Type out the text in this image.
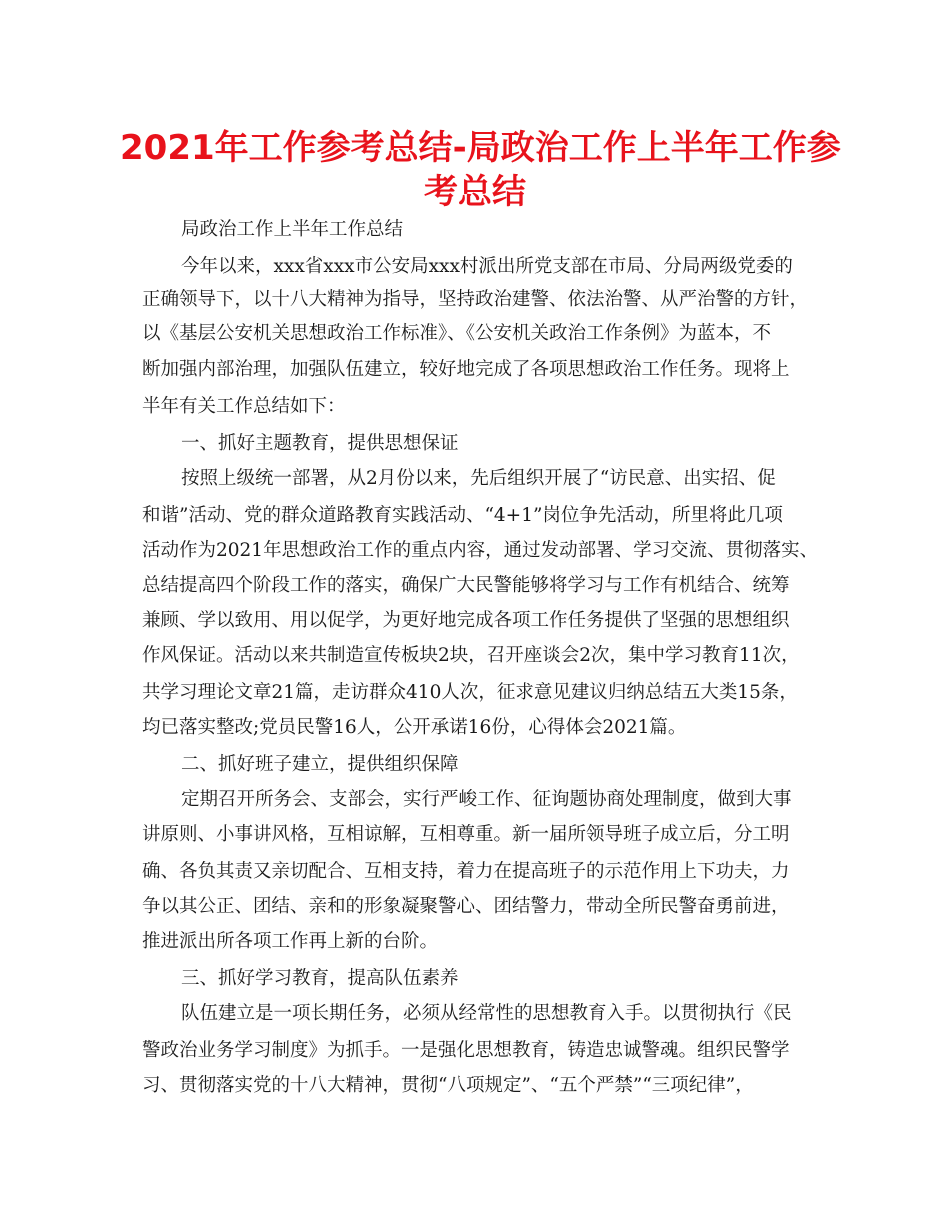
2021年工作参考总结-局政治工作上半年工作参
考总结
局政治工作上半年工作总结
今年以来，xxx省xxx市公安局xxx村派出所党支部在市局、分局两级党委的
正确领导下，以十八大精神为指导，坚持政治建警、依法治警、从严治警的方针，
以《基层公安机关思想政治工作标准》、《公安机关政治工作条例》为蓝本，不
断加强内部治理，加强队伍建立，较好地完成了各项思想政治工作任务。现将上
半年有关工作总结如下：
一、抓好主题教育，提供思想保证
按照上级统一部署，从2月份以来，先后组织开展了“访民意、出实招、促
和谐”活动、党的群众道路教育实践活动、“4+1”岗位争先活动，所里将此几项
活动作为2021年思想政治工作的重点内容，通过发动部署、学习交流、贯彻落实、
总结提高四个阶段工作的落实，确保广大民警能够将学习与工作有机结合、统筹
兼顾、学以致用、用以促学，为更好地完成各项工作任务提供了坚强的思想组织
作风保证。活动以来共制造宣传板块2块，召开座谈会2次，集中学习教育11次，
共学习理论文章21篇，走访群众410人次，征求意见建议归纳总结五大类15条，
均已落实整改;党员民警16人，公开承诺16份，心得体会2021篇。
二、抓好班子建立，提供组织保障
定期召开所务会、支部会，实行严峻工作、征询题协商处理制度，做到大事
讲原则、小事讲风格，互相谅解，互相尊重。新一届所领导班子成立后，分工明
确、各负其责又亲切配合、互相支持，着力在提高班子的示范作用上下功夫，力
争以其公正、团结、亲和的形象凝聚警心、团结警力，带动全所民警奋勇前进，
推进派出所各项工作再上新的台阶。
三、抓好学习教育，提高队伍素养
队伍建立是一项长期任务，必须从经常性的思想教育入手。以贯彻执行《民
警政治业务学习制度》为抓手。一是强化思想教育，铸造忠诚警魂。组织民警学
习、贯彻落实党的十八大精神，贯彻“八项规定”、“五个严禁”“三项纪律”，
